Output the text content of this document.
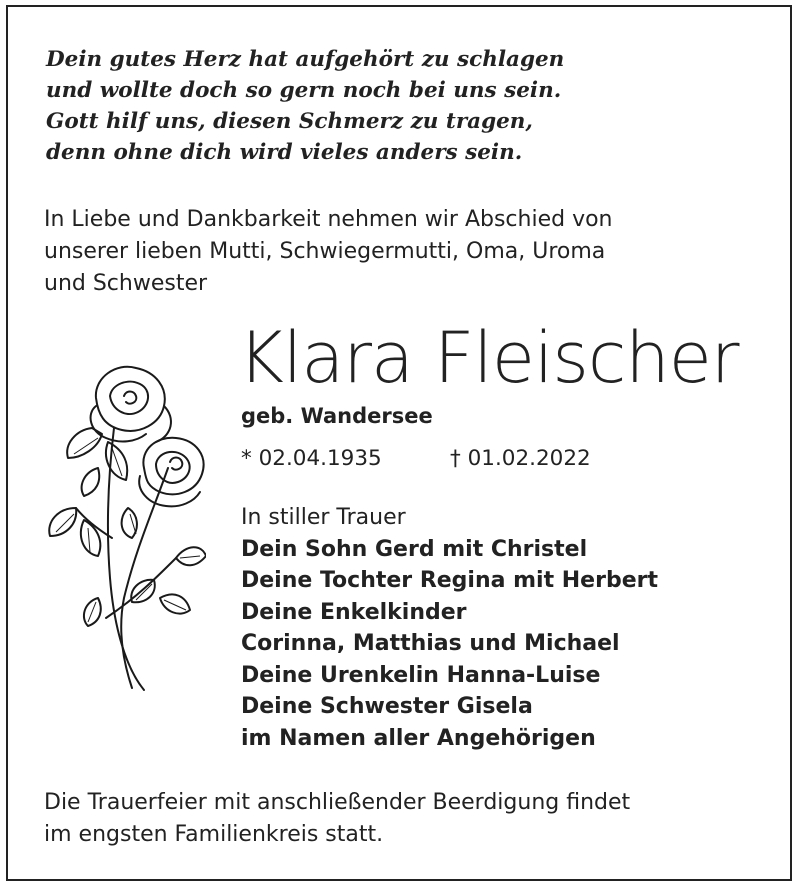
Dein gutes Herz hat aufgehört zu schlagen
und wollte doch so gern noch bei uns sein.
Gott hilf uns, diesen Schmerz zu tragen,
denn ohne dich wird vieles anders sein.
In Liebe und Dankbarkeit nehmen wir Abschied von
unserer lieben Mutti, Schwiegermutti, Oma, Uroma
und Schwester
Klara Fleischer
geb. Wandersee
* 02.04.1935	† 01.02.2022
In stiller Trauer
Dein Sohn Gerd mit Christel
Deine Tochter Regina mit Herbert
Deine Enkelkinder
Corinna, Matthias und Michael
Deine Urenkelin Hanna-Luise
Deine Schwester Gisela
im Namen aller Angehörigen
Die Trauerfeier mit anschließender Beerdigung findet
im engsten Familienkreis statt.
